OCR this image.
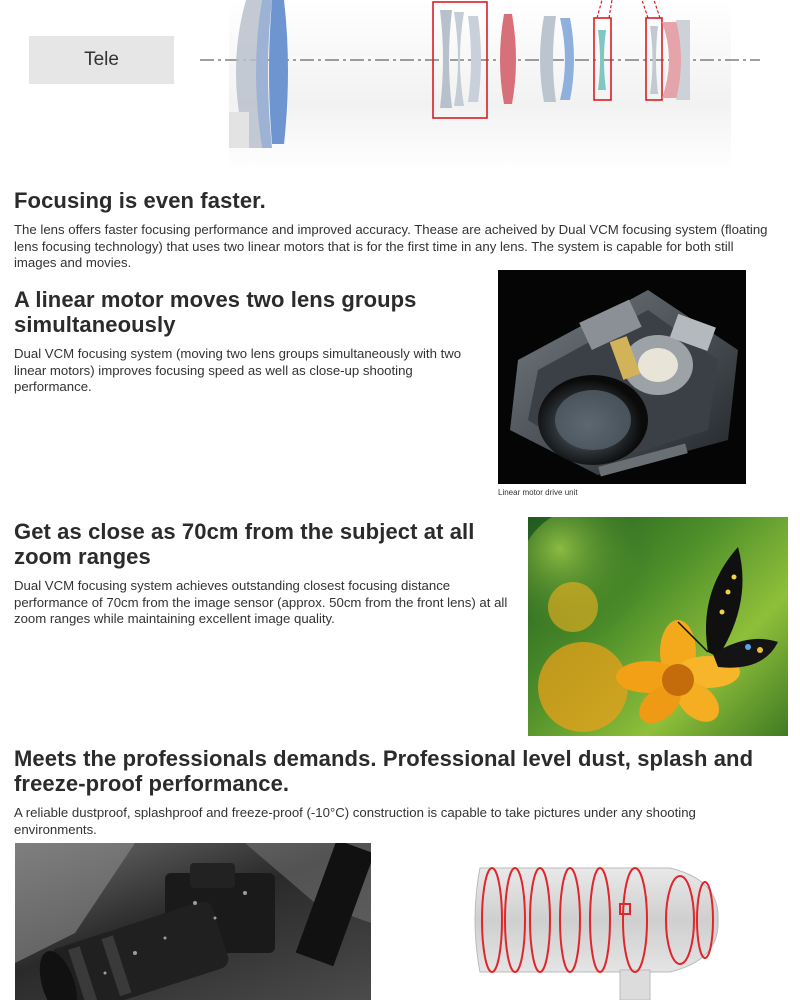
Tele
Focusing is even faster.

The lens offers faster focusing performance and improved accuracy. Thease are acheived by Dual VCM focusing system (floating lens focusing technology) that uses two linear motors that is for the first time in any lens. The system is capable for both still images and movies.

A linear motor moves two lens groups simultaneously

Dual VCM focusing system (moving two lens groups simultaneously with two linear motors) improves focusing speed as well as close-up shooting performance.

Linear motor drive unit
Get as close as 70cm from the subject at all zoom ranges

Dual VCM focusing system achieves outstanding closest focusing distance performance of 70cm from the image sensor (approx. 50cm from the front lens) at all zoom ranges while maintaining excellent image quality.

Meets the professionals demands. Professional level dust, splash and freeze-proof performance.

A reliable dustproof, splashproof and freeze-proof (-10°C) construction is capable to take pictures under any shooting environments.
